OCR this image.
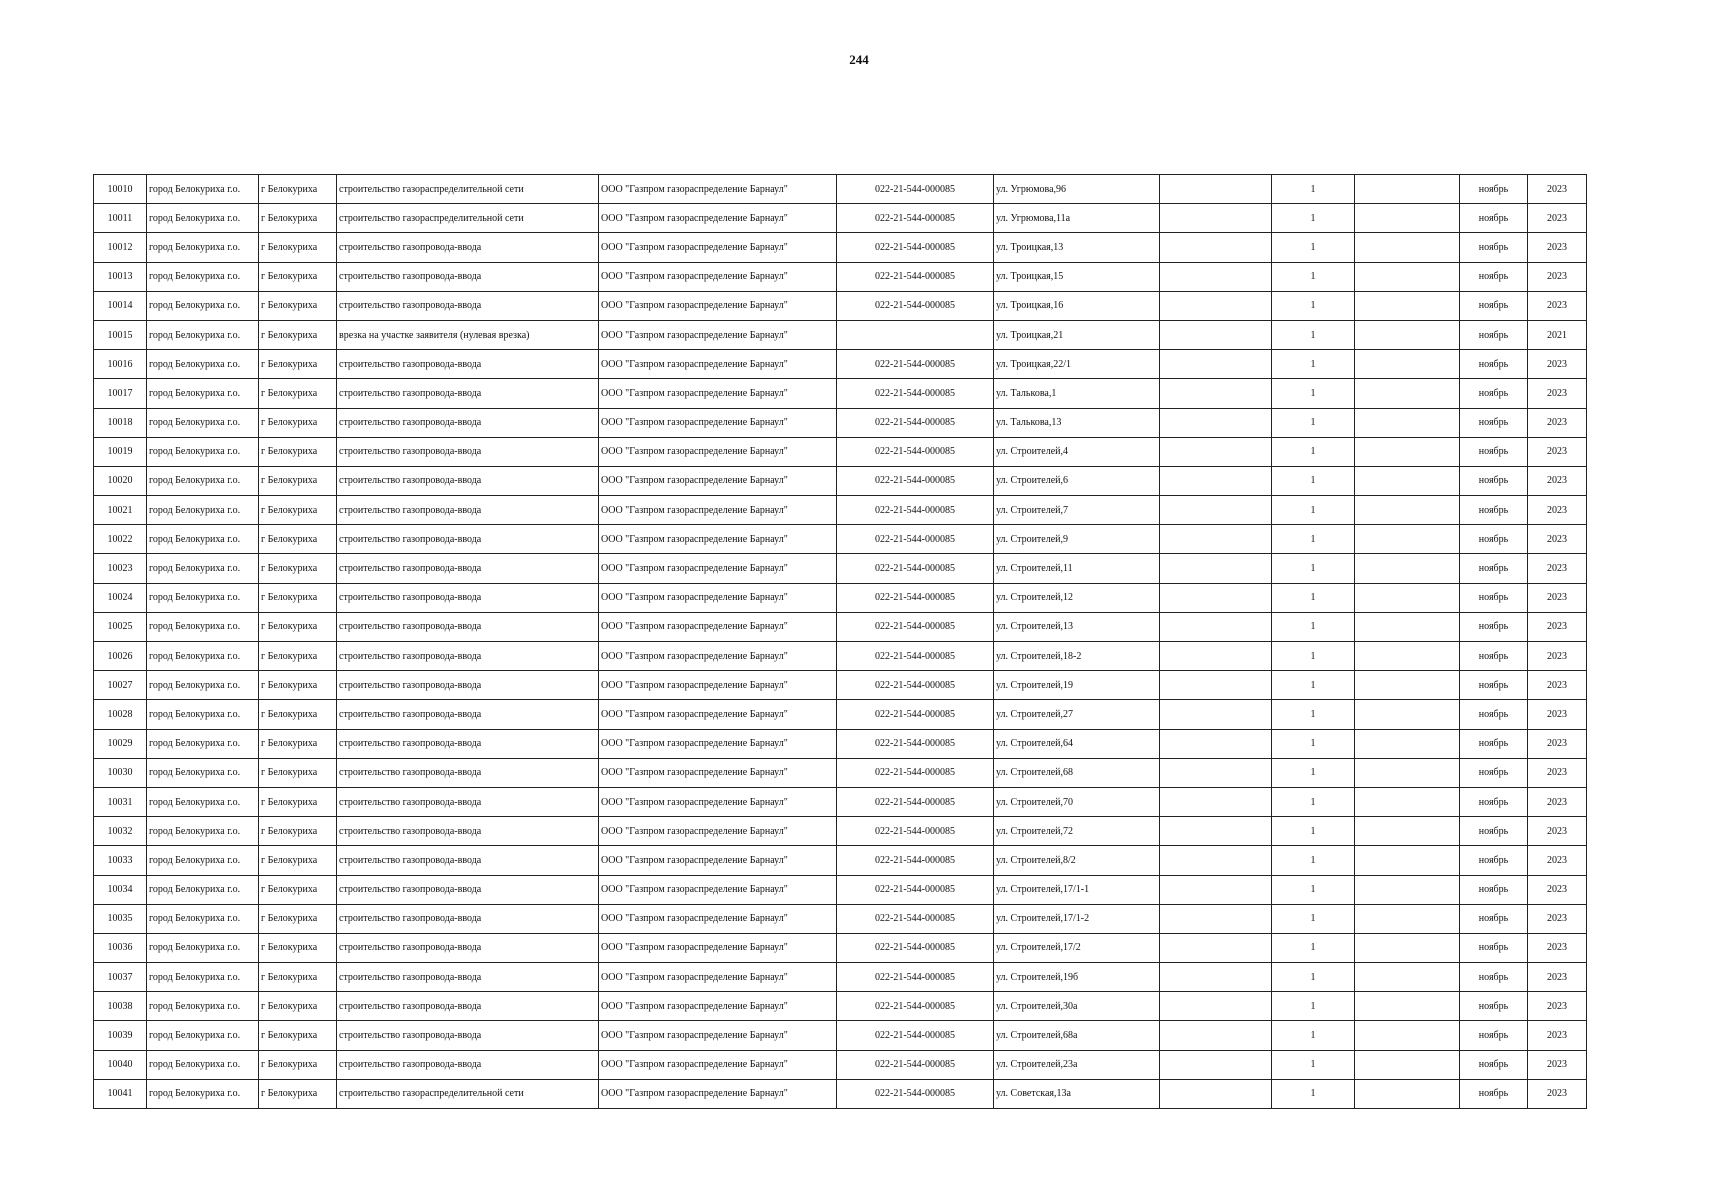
244
10010	город Белокуриха г.о.	г Белокуриха	строительство газораспределительной сети	ООО "Газпром газораспределение Барнаул"	022-21-544-000085	ул. Угрюмова,96		1		ноябрь	2023
10011	город Белокуриха г.о.	г Белокуриха	строительство газораспределительной сети	ООО "Газпром газораспределение Барнаул"	022-21-544-000085	ул. Угрюмова,11а		1		ноябрь	2023
10012	город Белокуриха г.о.	г Белокуриха	строительство газопровода-ввода	ООО "Газпром газораспределение Барнаул"	022-21-544-000085	ул. Троицкая,13		1		ноябрь	2023
10013	город Белокуриха г.о.	г Белокуриха	строительство газопровода-ввода	ООО "Газпром газораспределение Барнаул"	022-21-544-000085	ул. Троицкая,15		1		ноябрь	2023
10014	город Белокуриха г.о.	г Белокуриха	строительство газопровода-ввода	ООО "Газпром газораспределение Барнаул"	022-21-544-000085	ул. Троицкая,16		1		ноябрь	2023
10015	город Белокуриха г.о.	г Белокуриха	врезка на участке заявителя (нулевая врезка)	ООО "Газпром газораспределение Барнаул"		ул. Троицкая,21		1		ноябрь	2021
10016	город Белокуриха г.о.	г Белокуриха	строительство газопровода-ввода	ООО "Газпром газораспределение Барнаул"	022-21-544-000085	ул. Троицкая,22/1		1		ноябрь	2023
10017	город Белокуриха г.о.	г Белокуриха	строительство газопровода-ввода	ООО "Газпром газораспределение Барнаул"	022-21-544-000085	ул. Талькова,1		1		ноябрь	2023
10018	город Белокуриха г.о.	г Белокуриха	строительство газопровода-ввода	ООО "Газпром газораспределение Барнаул"	022-21-544-000085	ул. Талькова,13		1		ноябрь	2023
10019	город Белокуриха г.о.	г Белокуриха	строительство газопровода-ввода	ООО "Газпром газораспределение Барнаул"	022-21-544-000085	ул. Строителей,4		1		ноябрь	2023
10020	город Белокуриха г.о.	г Белокуриха	строительство газопровода-ввода	ООО "Газпром газораспределение Барнаул"	022-21-544-000085	ул. Строителей,6		1		ноябрь	2023
10021	город Белокуриха г.о.	г Белокуриха	строительство газопровода-ввода	ООО "Газпром газораспределение Барнаул"	022-21-544-000085	ул. Строителей,7		1		ноябрь	2023
10022	город Белокуриха г.о.	г Белокуриха	строительство газопровода-ввода	ООО "Газпром газораспределение Барнаул"	022-21-544-000085	ул. Строителей,9		1		ноябрь	2023
10023	город Белокуриха г.о.	г Белокуриха	строительство газопровода-ввода	ООО "Газпром газораспределение Барнаул"	022-21-544-000085	ул. Строителей,11		1		ноябрь	2023
10024	город Белокуриха г.о.	г Белокуриха	строительство газопровода-ввода	ООО "Газпром газораспределение Барнаул"	022-21-544-000085	ул. Строителей,12		1		ноябрь	2023
10025	город Белокуриха г.о.	г Белокуриха	строительство газопровода-ввода	ООО "Газпром газораспределение Барнаул"	022-21-544-000085	ул. Строителей,13		1		ноябрь	2023
10026	город Белокуриха г.о.	г Белокуриха	строительство газопровода-ввода	ООО "Газпром газораспределение Барнаул"	022-21-544-000085	ул. Строителей,18-2		1		ноябрь	2023
10027	город Белокуриха г.о.	г Белокуриха	строительство газопровода-ввода	ООО "Газпром газораспределение Барнаул"	022-21-544-000085	ул. Строителей,19		1		ноябрь	2023
10028	город Белокуриха г.о.	г Белокуриха	строительство газопровода-ввода	ООО "Газпром газораспределение Барнаул"	022-21-544-000085	ул. Строителей,27		1		ноябрь	2023
10029	город Белокуриха г.о.	г Белокуриха	строительство газопровода-ввода	ООО "Газпром газораспределение Барнаул"	022-21-544-000085	ул. Строителей,64		1		ноябрь	2023
10030	город Белокуриха г.о.	г Белокуриха	строительство газопровода-ввода	ООО "Газпром газораспределение Барнаул"	022-21-544-000085	ул. Строителей,68		1		ноябрь	2023
10031	город Белокуриха г.о.	г Белокуриха	строительство газопровода-ввода	ООО "Газпром газораспределение Барнаул"	022-21-544-000085	ул. Строителей,70		1		ноябрь	2023
10032	город Белокуриха г.о.	г Белокуриха	строительство газопровода-ввода	ООО "Газпром газораспределение Барнаул"	022-21-544-000085	ул. Строителей,72		1		ноябрь	2023
10033	город Белокуриха г.о.	г Белокуриха	строительство газопровода-ввода	ООО "Газпром газораспределение Барнаул"	022-21-544-000085	ул. Строителей,8/2		1		ноябрь	2023
10034	город Белокуриха г.о.	г Белокуриха	строительство газопровода-ввода	ООО "Газпром газораспределение Барнаул"	022-21-544-000085	ул. Строителей,17/1-1		1		ноябрь	2023
10035	город Белокуриха г.о.	г Белокуриха	строительство газопровода-ввода	ООО "Газпром газораспределение Барнаул"	022-21-544-000085	ул. Строителей,17/1-2		1		ноябрь	2023
10036	город Белокуриха г.о.	г Белокуриха	строительство газопровода-ввода	ООО "Газпром газораспределение Барнаул"	022-21-544-000085	ул. Строителей,17/2		1		ноябрь	2023
10037	город Белокуриха г.о.	г Белокуриха	строительство газопровода-ввода	ООО "Газпром газораспределение Барнаул"	022-21-544-000085	ул. Строителей,19б		1		ноябрь	2023
10038	город Белокуриха г.о.	г Белокуриха	строительство газопровода-ввода	ООО "Газпром газораспределение Барнаул"	022-21-544-000085	ул. Строителей,30а		1		ноябрь	2023
10039	город Белокуриха г.о.	г Белокуриха	строительство газопровода-ввода	ООО "Газпром газораспределение Барнаул"	022-21-544-000085	ул. Строителей,68а		1		ноябрь	2023
10040	город Белокуриха г.о.	г Белокуриха	строительство газопровода-ввода	ООО "Газпром газораспределение Барнаул"	022-21-544-000085	ул. Строителей,23а		1		ноябрь	2023
10041	город Белокуриха г.о.	г Белокуриха	строительство газораспределительной сети	ООО "Газпром газораспределение Барнаул"	022-21-544-000085	ул. Советская,13а		1		ноябрь	2023
